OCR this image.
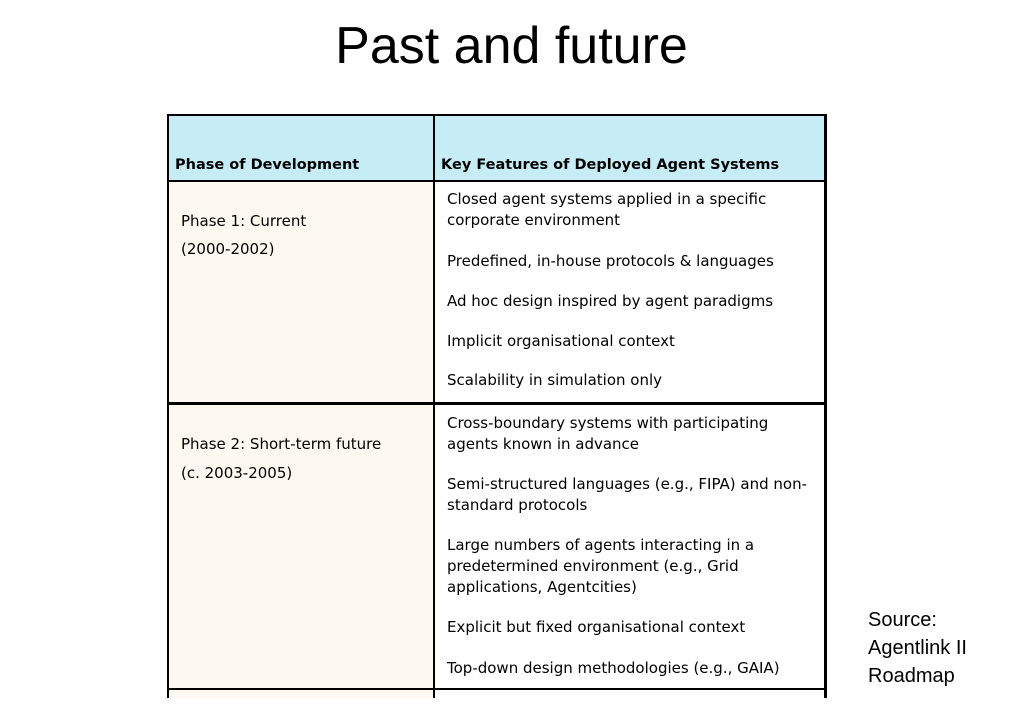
Past and future
Phase of Development	Key Features of Deployed Agent Systems
Phase 1: Current
(2000-2002)
Closed agent systems applied in a specific corporate environment
Predefined, in-house protocols & languages
Ad hoc design inspired by agent paradigms
Implicit organisational context
Scalability in simulation only
Phase 2: Short-term future
(c. 2003-2005)
Cross-boundary systems with participating agents known in advance
Semi-structured languages (e.g., FIPA) and non-standard protocols
Large numbers of agents interacting in a predetermined environment (e.g., Grid applications, Agentcities)
Explicit but fixed organisational context
Top-down design methodologies (e.g., GAIA)
Source:
Agentlink II
Roadmap
